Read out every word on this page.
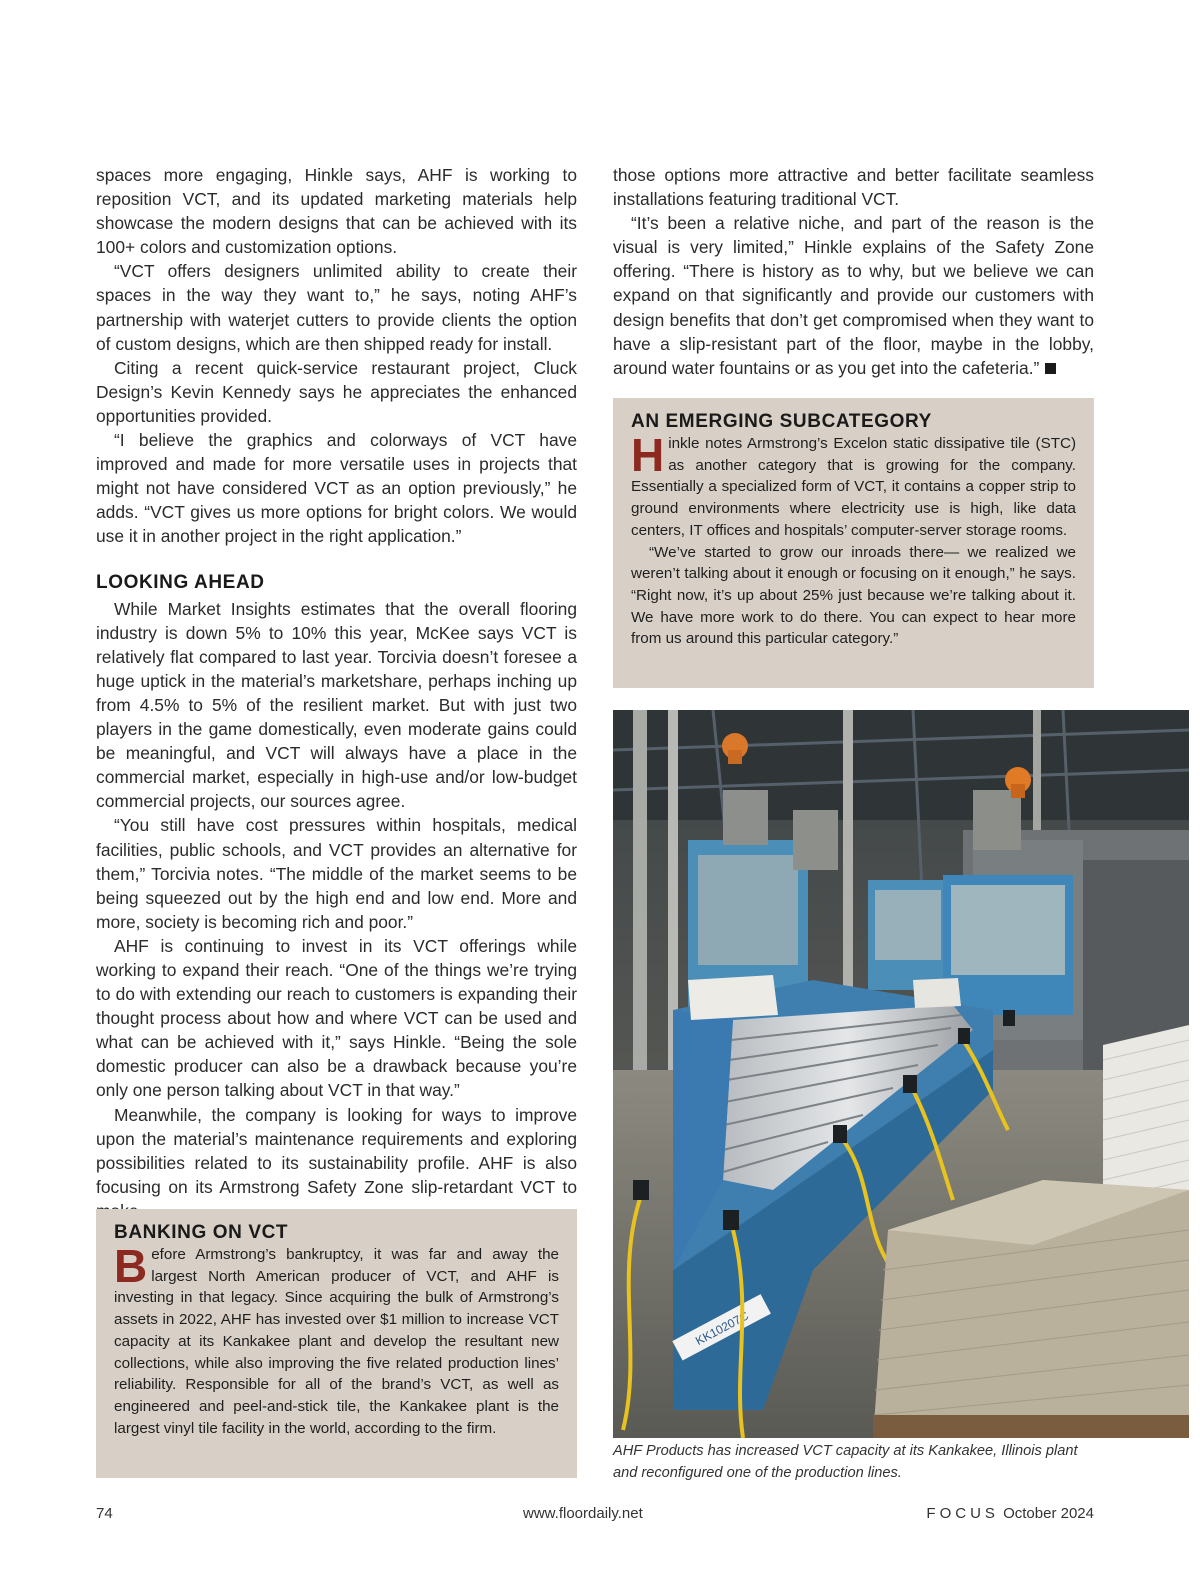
spaces more engaging, Hinkle says, AHF is working to reposition VCT, and its updated marketing materials help showcase the modern designs that can be achieved with its 100+ colors and customization options.

“VCT offers designers unlimited ability to create their spaces in the way they want to,” he says, noting AHF’s partnership with waterjet cutters to provide clients the option of custom designs, which are then shipped ready for install.

Citing a recent quick-service restaurant project, Cluck Design’s Kevin Kennedy says he appreciates the enhanced opportunities provided.

“I believe the graphics and colorways of VCT have improved and made for more versatile uses in projects that might not have considered VCT as an option previously,” he adds. “VCT gives us more options for bright colors. We would use it in another project in the right application.”

LOOKING AHEAD

While Market Insights estimates that the overall flooring industry is down 5% to 10% this year, McKee says VCT is relatively flat compared to last year. Torcivia doesn’t foresee a huge uptick in the material’s marketshare, perhaps inching up from 4.5% to 5% of the resilient market. But with just two players in the game domestically, even moderate gains could be meaningful, and VCT will always have a place in the commercial market, especially in high-use and/or low-budget commercial projects, our sources agree.

“You still have cost pressures within hospitals, medical facilities, public schools, and VCT provides an alternative for them,” Torcivia notes. “The middle of the market seems to be being squeezed out by the high end and low end. More and more, society is becoming rich and poor.”

AHF is continuing to invest in its VCT offerings while working to expand their reach. “One of the things we’re trying to do with extending our reach to customers is expanding their thought process about how and where VCT can be used and what can be achieved with it,” says Hinkle. “Being the sole domestic producer can also be a drawback because you’re only one person talking about VCT in that way.”

Meanwhile, the company is looking for ways to improve upon the material’s maintenance requirements and exploring possibilities related to its sustainability profile. AHF is also focusing on its Armstrong Safety Zone slip-retardant VCT to

those options more attractive and better facilitate seamless installations featuring traditional VCT.

“It’s been a relative niche, and part of the reason is the visual is very limited,” Hinkle explains of the Safety Zone offering. “There is history as to why, but we believe we can expand on that significantly and provide our customers with design benefits that don’t get compromised when they want to have a slip-resistant part of the floor, maybe in the lobby, around water fountains or as you get into the cafeteria.”

AN EMERGING SUBCATEGORY

Hinkle notes Armstrong’s Excelon static dissipative tile (STC) as another category that is growing for the company. Essentially a specialized form of VCT, it contains a copper strip to ground environments where electricity use is high, like data centers, IT offices and hospitals’ computer-server storage rooms.

“We’ve started to grow our inroads there— we realized we weren’t talking about it enough or focusing on it enough,” he says. “Right now, it’s up about 25% just because we’re talking about it. We have more work to do there. You can expect to hear more from us around this particular category.”

KK10207C
AHF Products has increased VCT capacity at its Kankakee, Illinois plant and reconfigured one of the production lines.
BANKING ON VCT

Before Armstrong’s bankruptcy, it was far and away the largest North American producer of VCT, and AHF is investing in that legacy. Since acquiring the bulk of Armstrong’s assets in 2022, AHF has invested over $1 million to increase VCT capacity at its Kankakee plant and develop the resultant new collections, while also improving the five related production lines’ reliability. Responsible for all of the brand’s VCT, as well as engineered and peel-and-stick tile, the Kankakee plant is the largest vinyl tile facility in the world, according to the firm.

74	www.floordaily.net	FOCUS October 2024
